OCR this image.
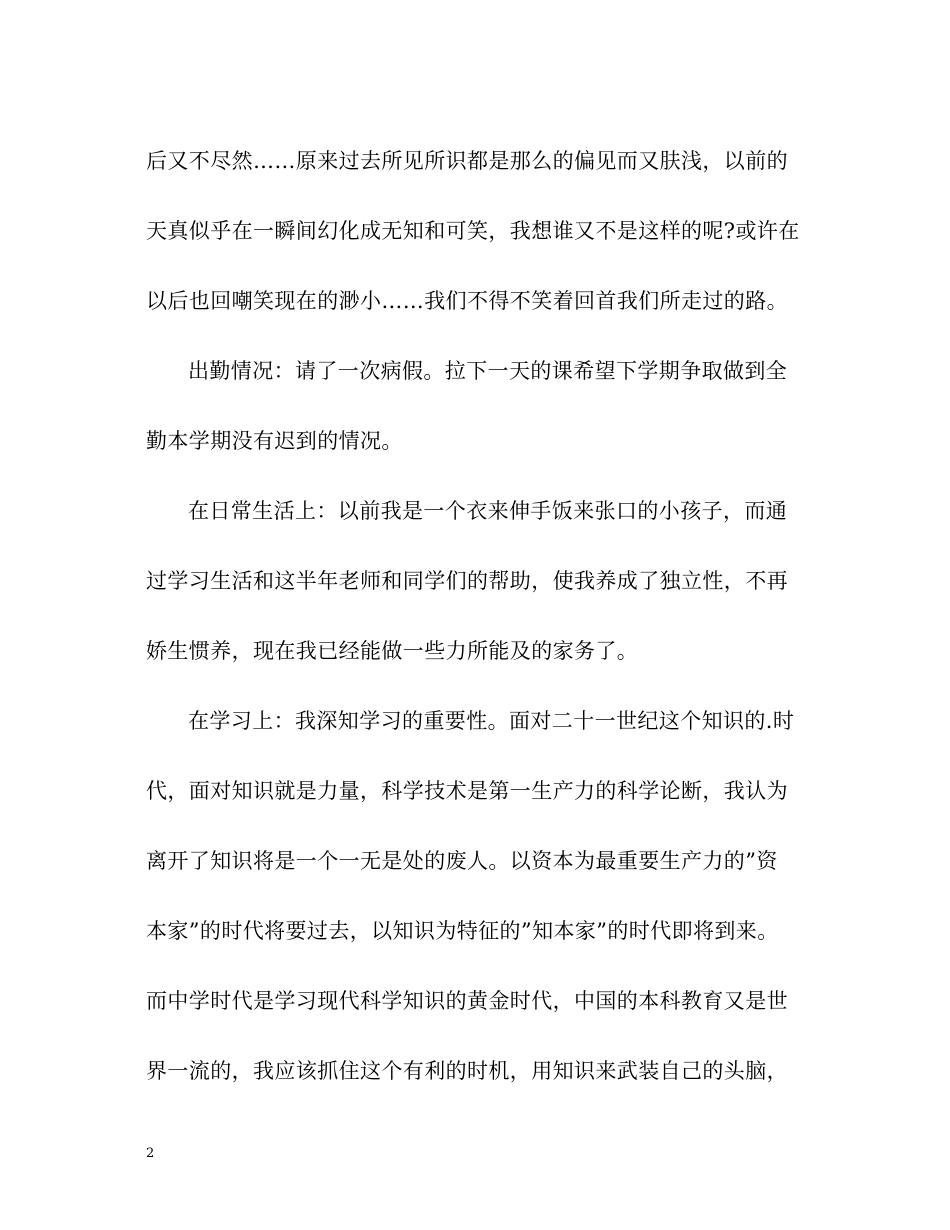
后又不尽然……原来过去所见所识都是那么的偏见而又肤浅，以前的
天真似乎在一瞬间幻化成无知和可笑，我想谁又不是这样的呢?或许在
以后也回嘲笑现在的渺小……我们不得不笑着回首我们所走过的路。
出勤情况：请了一次病假。拉下一天的课希望下学期争取做到全
勤本学期没有迟到的情况。
在日常生活上：以前我是一个衣来伸手饭来张口的小孩子，而通
过学习生活和这半年老师和同学们的帮助，使我养成了独立性，不再
娇生惯养，现在我已经能做一些力所能及的家务了。
在学习上：我深知学习的重要性。面对二十一世纪这个知识的.时
代，面对知识就是力量，科学技术是第一生产力的科学论断，我认为
离开了知识将是一个一无是处的废人。以资本为最重要生产力的”资
本家”的时代将要过去，以知识为特征的”知本家”的时代即将到来。
而中学时代是学习现代科学知识的黄金时代，中国的本科教育又是世
界一流的，我应该抓住这个有利的时机，用知识来武装自己的头脑，
2
